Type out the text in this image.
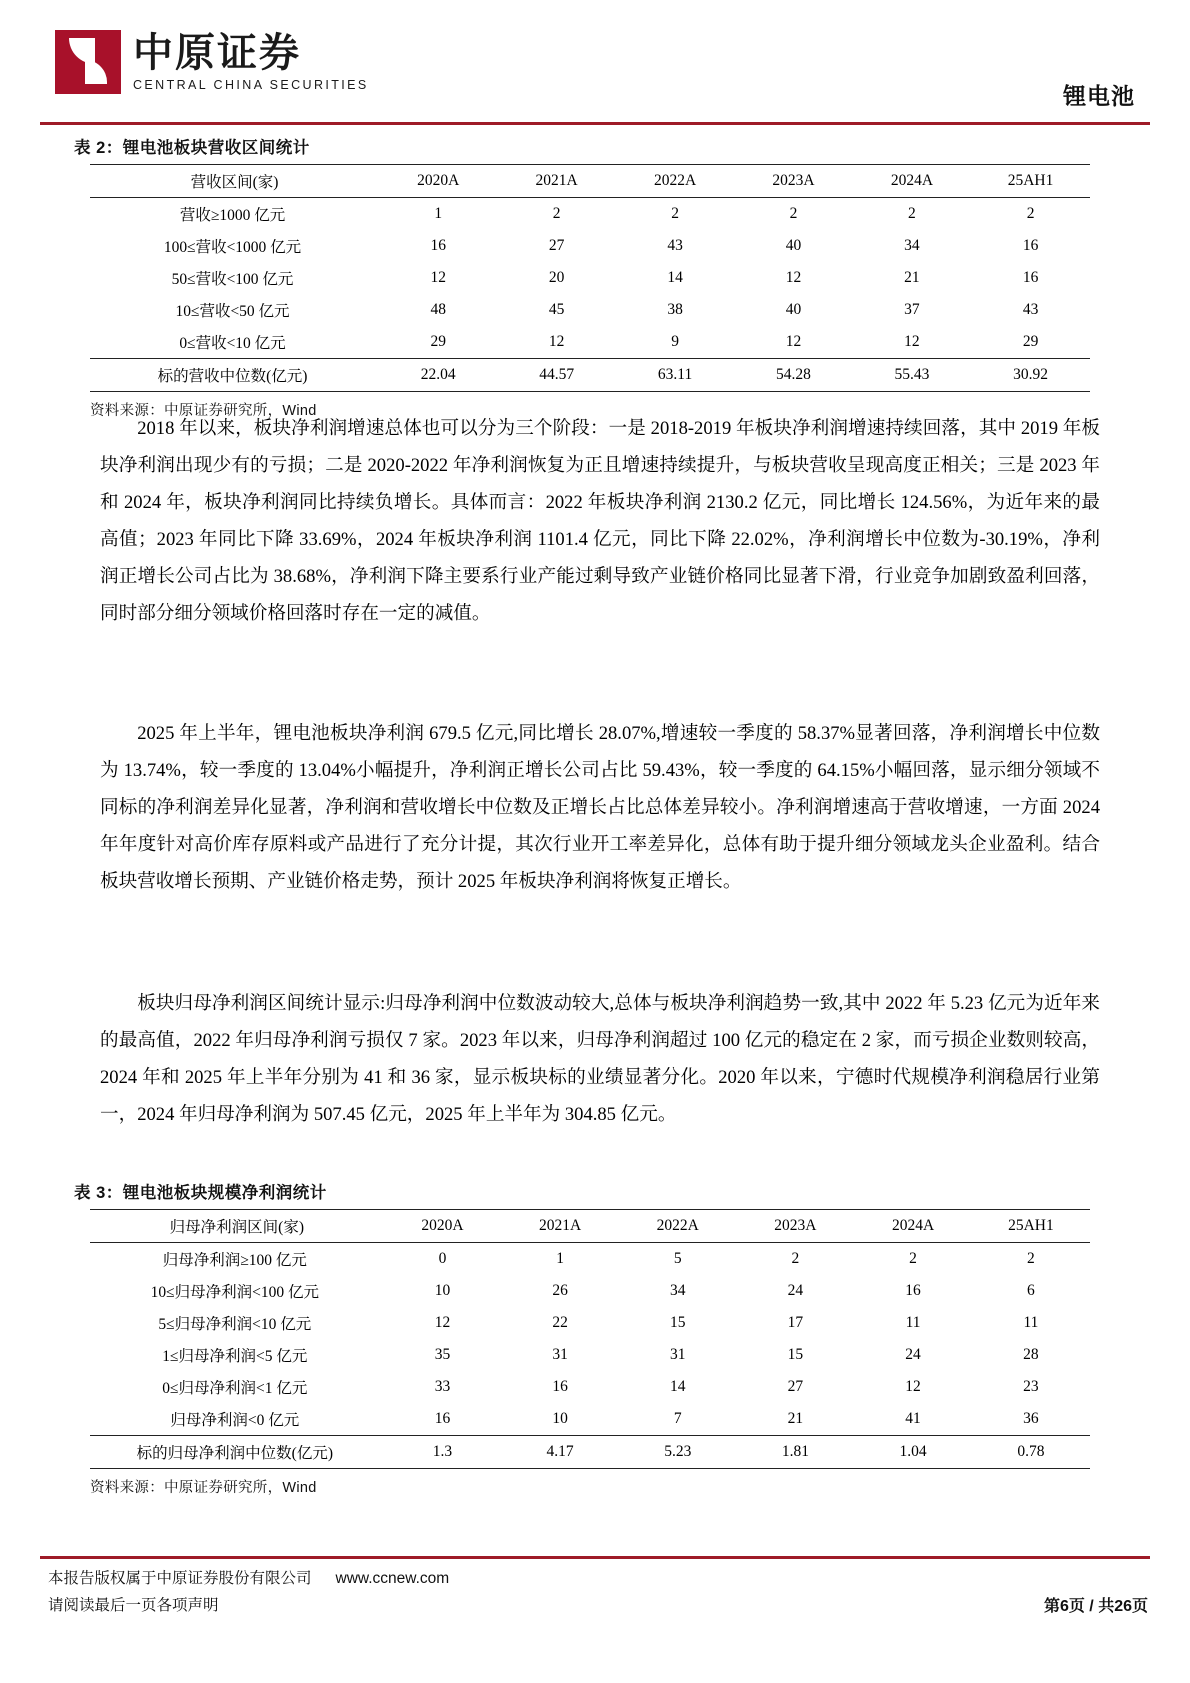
中原证券
CENTRAL CHINA SECURITIES	锂电池
表 2：锂电池板块营收区间统计
营收区间(家)	2020A	2021A	2022A	2023A	2024A	25AH1
营收≥1000 亿元	1	2	2	2	2	2
100≤营收<1000 亿元	16	27	43	40	34	16
50≤营收<100 亿元	12	20	14	12	21	16
10≤营收<50 亿元	48	45	38	40	37	43
0≤营收<10 亿元	29	12	9	12	12	29
标的营收中位数(亿元)	22.04	44.57	63.11	54.28	55.43	30.92
资料来源：中原证券研究所，Wind

2018 年以来，板块净利润增速总体也可以分为三个阶段：一是 2018-2019 年板块净利润增速持续回落，其中 2019 年板块净利润出现少有的亏损；二是 2020-2022 年净利润恢复为正且增速持续提升，与板块营收呈现高度正相关；三是 2023 年和 2024 年，板块净利润同比持续负增长。具体而言：2022 年板块净利润 2130.2 亿元，同比增长 124.56%，为近年来的最高值；2023 年同比下降 33.69%，2024 年板块净利润 1101.4 亿元，同比下降 22.02%，净利润增长中位数为-30.19%，净利润正增长公司占比为 38.68%，净利润下降主要系行业产能过剩导致产业链价格同比显著下滑，行业竞争加剧致盈利回落，同时部分细分领域价格回落时存在一定的减值。

2025 年上半年，锂电池板块净利润 679.5 亿元,同比增长 28.07%,增速较一季度的 58.37%显著回落，净利润增长中位数为 13.74%，较一季度的 13.04%小幅提升，净利润正增长公司占比 59.43%，较一季度的 64.15%小幅回落，显示细分领域不同标的净利润差异化显著，净利润和营收增长中位数及正增长占比总体差异较小。净利润增速高于营收增速，一方面 2024 年年度针对高价库存原料或产品进行了充分计提，其次行业开工率差异化，总体有助于提升细分领域龙头企业盈利。结合板块营收增长预期、产业链价格走势，预计 2025 年板块净利润将恢复正增长。

板块归母净利润区间统计显示:归母净利润中位数波动较大,总体与板块净利润趋势一致,其中 2022 年 5.23 亿元为近年来的最高值，2022 年归母净利润亏损仅 7 家。2023 年以来，归母净利润超过 100 亿元的稳定在 2 家，而亏损企业数则较高，2024 年和 2025 年上半年分别为 41 和 36 家，显示板块标的业绩显著分化。2020 年以来，宁德时代规模净利润稳居行业第一，2024 年归母净利润为 507.45 亿元，2025 年上半年为 304.85 亿元。

表 3：锂电池板块规模净利润统计
归母净利润区间(家)	2020A	2021A	2022A	2023A	2024A	25AH1
归母净利润≥100 亿元	0	1	5	2	2	2
10≤归母净利润<100 亿元	10	26	34	24	16	6
5≤归母净利润<10 亿元	12	22	15	17	11	11
1≤归母净利润<5 亿元	35	31	31	15	24	28
0≤归母净利润<1 亿元	33	16	14	27	12	23
归母净利润<0 亿元	16	10	7	21	41	36
标的归母净利润中位数(亿元)	1.3	4.17	5.23	1.81	1.04	0.78
资料来源：中原证券研究所，Wind
本报告版权属于中原证券股份有限公司 www.ccnew.com
请阅读最后一页各项声明	第6页 / 共26页
